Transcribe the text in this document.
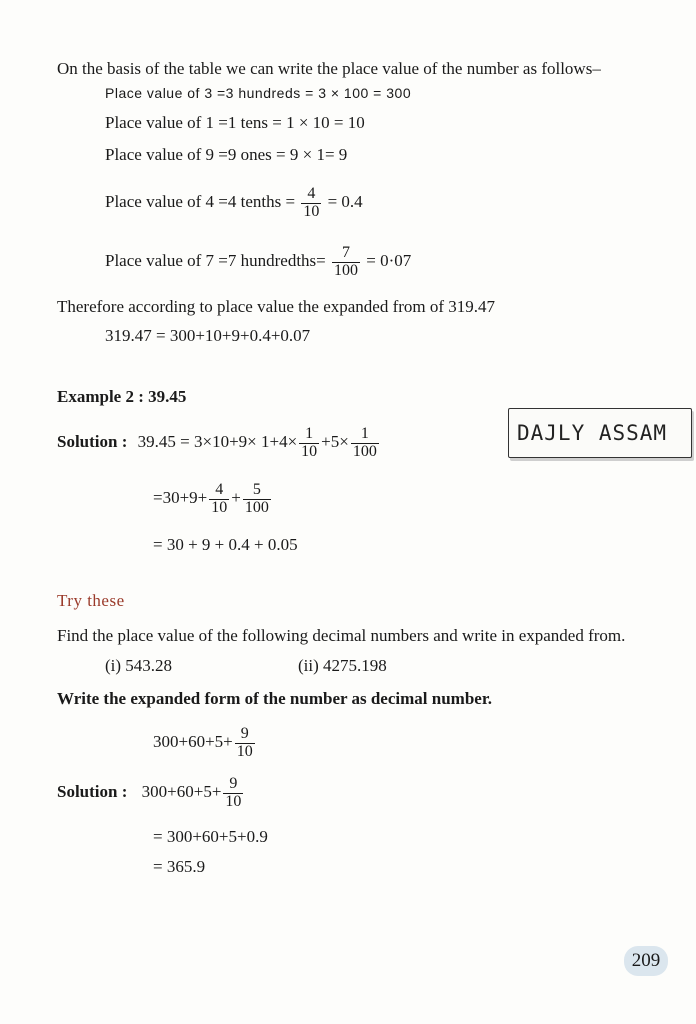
On the basis of the table we can write the place value of the number as follows–
Place value of 3 =3 hundreds = 3 × 100 = 300
Place value of 1 =1 tens = 1 × 10 = 10
Place value of 9 =9 ones = 9 × 1= 9
Place value of 4 =4 tenths = $\frac{4}{10} = 0.4$
Place value of 7 =7 hundredths= $\frac{7}{100} = 0\cdot 07$
Therefore according to place value the expanded from of 319.47
319.47 = 300+10+9+0.4+0.07
Example 2 : 39.45
Solution : $39.45 = 3\times 10+9\times 1+4\times \frac{1}{10} +5\times \frac{1}{100}$	DAJLY ASSAM
$=30+9+ \frac{4}{10} + \frac{5}{100}$
= 30 + 9 + 0.4 + 0.05
Try these
Find the place value of the following decimal numbers and write in expanded from.
(i) 543.28	(ii) 4275.198
Write the expanded form of the number as decimal number.
$300+60+5+ \frac{9}{10}$
Solution : $300+60+5+ \frac{9}{10}$
= 300+60+5+0.9
= 365.9
209
